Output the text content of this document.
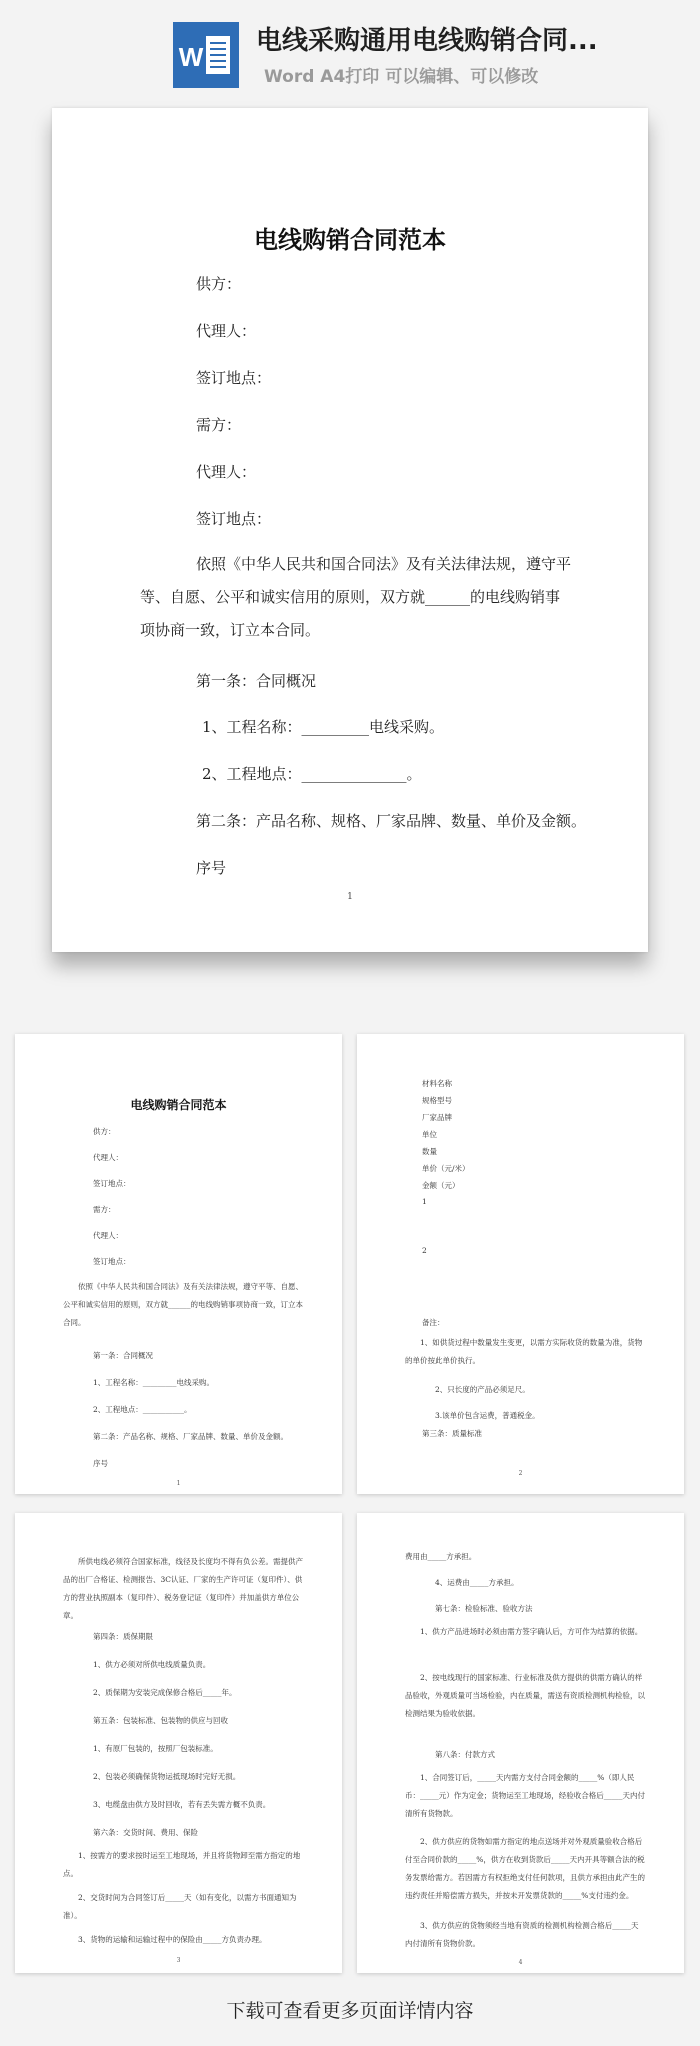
W
电线采购通用电线购销合同...
Word A4打印 可以编辑、可以修改
电线购销合同范本
供方：
代理人：
签订地点：
需方：
代理人：
签订地点：
依照《中华人民共和国合同法》及有关法律法规，遵守平等、自愿、公平和诚实信用的原则，双方就______的电线购销事项协商一致，订立本合同。
第一条：合同概况
1、工程名称：_________电线采购。
2、工程地点：______________。
第二条：产品名称、规格、厂家品牌、数量、单价及金额。
序号
1
电线购销合同范本
供方：
代理人：
签订地点：
需方：
代理人：
签订地点：
依照《中华人民共和国合同法》及有关法律法规，遵守平等、自愿、公平和诚实信用的原则，双方就______的电线购销事项协商一致，订立本合同。
第一条：合同概况
1、工程名称：_________电线采购。
2、工程地点：___________。
第二条：产品名称、规格、厂家品牌、数量、单价及金额。
序号
1
材料名称
规格型号
厂家品牌
单位
数量
单价（元/米）
金额（元）
1
2
备注：
1、如供货过程中数量发生变更，以需方实际收货的数量为准，货物的单价按此单价执行。
2、只长度的产品必须足尺。
3.该单价包含运费，普通税金。
第三条：质量标准
2
所供电线必须符合国家标准，线径及长度均不得有负公差。需提供产品的出厂合格证、检测报告、3C认证、厂家的生产许可证（复印件）、供方的营业执照副本（复印件）、税务登记证（复印件）并加盖供方单位公章。
第四条：质保期限
1、供方必须对所供电线质量负责。
2、质保期为安装完成保修合格后_____年。
第五条：包装标准、包装物的供应与回收
1、有原厂包装的，按照厂包装标准。
2、包装必须确保货物运抵现场时完好无损。
3、电缆盘由供方及时回收，若有丢失需方概不负责。
第六条：交货时间、费用、保险
1、按需方的要求按时运至工地现场，并且将货物卸至需方指定的地点。
2、交货时间为合同签订后_____天（如有变化，以需方书面通知为准）。
3、货物的运输和运输过程中的保险由_____方负责办理。
3
费用由_____方承担。
4、运费由_____方承担。
第七条：检验标准、验收方法
1、供方产品进场时必须由需方签字确认后，方可作为结算的依据。
2、按电线现行的国家标准、行业标准及供方提供的供需方确认的样品验收，外观质量可当场检验，内在质量，需送有资质检测机构检验，以检测结果为验收依据。
第八条：付款方式
1、合同签订后，_____天内需方支付合同金额的_____%（即人民币：_____元）作为定金；货物运至工地现场，经验收合格后_____天内付清所有货物款。
2、供方供应的货物如需方指定的地点送场并对外观质量验收合格后付至合同价款的_____%，供方在收到货款后_____天内开具等额合法的税务发票给需方。若因需方有权拒绝支付任何款项，且供方承担由此产生的违约责任并赔偿需方损失，并按未开发票货款的_____%支付违约金。
3、供方供应的货物须经当地有资质的检测机构检测合格后_____天内付清所有货物价款。
4
下载可查看更多页面详情内容
